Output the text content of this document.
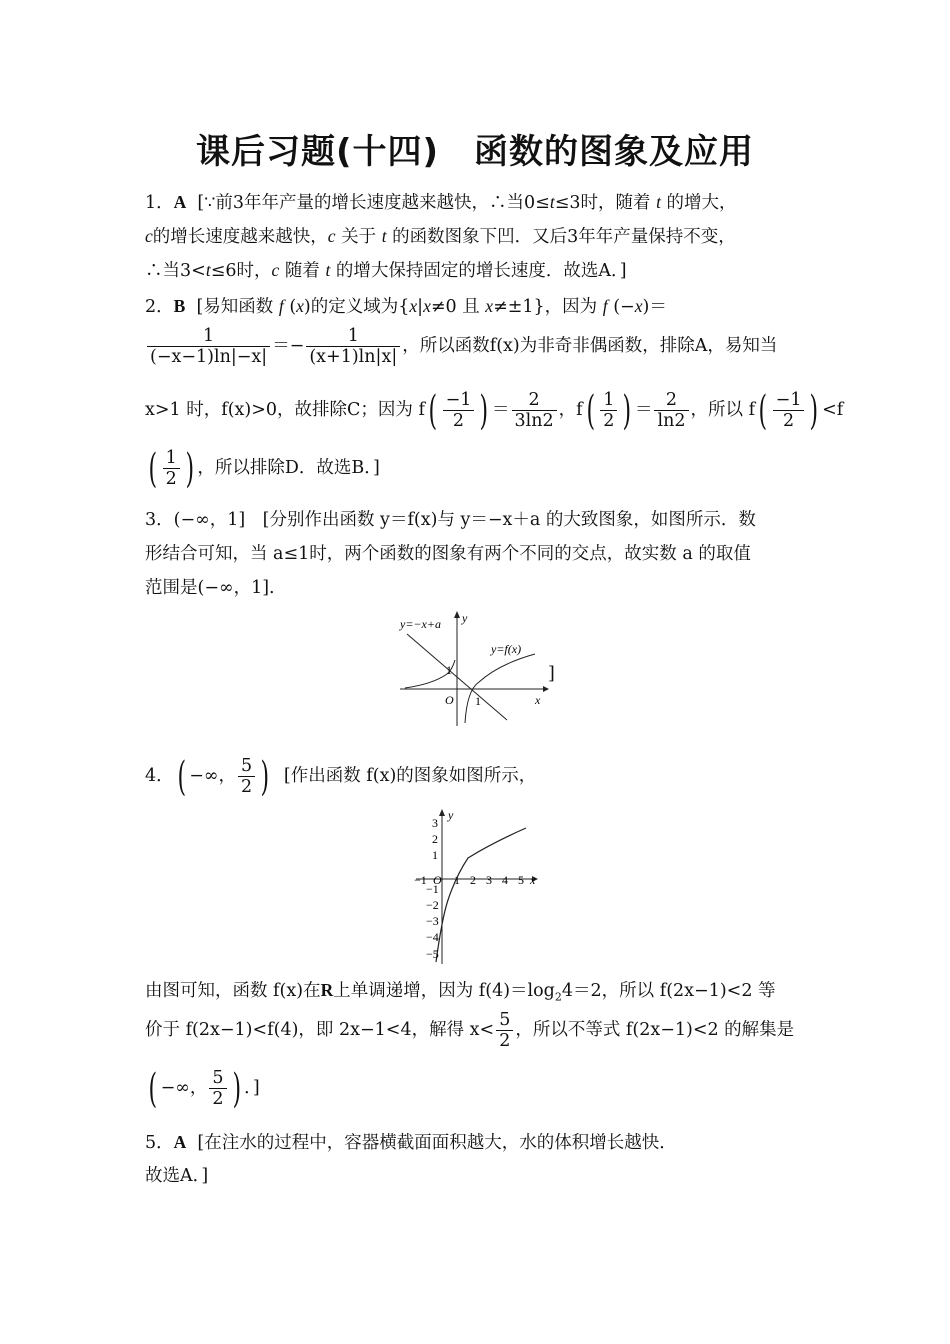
课后习题(十四)　函数的图象及应用
1．A [∵前3年年产量的增长速度越来越快，∴当0≤t≤3时，随着 t 的增大，
c的增长速度越来越快，c 关于 t 的函数图象下凹．又后3年年产量保持不变，
∴当3<t≤6时，c 随着 t 的增大保持固定的增长速度．故选A．]
2．B [易知函数 f (x)的定义域为{x|x≠0 且 x≠±1}，因为 f (−x)＝
$\frac{1}{(-x-1)\ln|-x|} =- \frac{1}{(x+1)\ln|x|}$ ，所以函数f(x)为非奇非偶函数，排除A，易知当
x>1 时，f(x)>0，故排除C；因为 $f( \frac{-1}{2}$ ) ＝ $\frac{2}{3\ln 2}$ ，$f( \frac{1}{2}$ ) ＝ $\frac{2}{\ln 2}$ ，所以 $f( \frac{-1}{2}$ ) <f
( $\frac{1}{2}$ ) ，所以排除D．故选B．]
3．(−∞，1]　[分别作出函数 y＝f(x)与 y＝−x＋a 的大致图象，如图所示．数
形结合可知，当 a≤1时，两个函数的图象有两个不同的交点，故实数 a 的取值
范围是(−∞，1].
y=−x+a
y=f(x)
y
x
O
1
1
]
4．( −∞， $\frac{5}{2}$ ) [作出函数 f(x)的图象如图所示，
3
2
1
−1
−2
−3
−4
−5
−1 1 2 3 4 5
y
x
O
由图可知，函数 f(x)在R上单调递增，因为 $f(4)=\log_24=2$，所以 f(2x−1)<2 等
价于 f(2x−1)<f(4)，即 2x−1<4，解得 $x< \frac{5}{2}$ ，所以不等式 f(2x−1)<2 的解集是
( −∞， $\frac{5}{2}$ ) ．]
5．A [在注水的过程中，容器横截面面积越大，水的体积增长越快．
故选A．]
